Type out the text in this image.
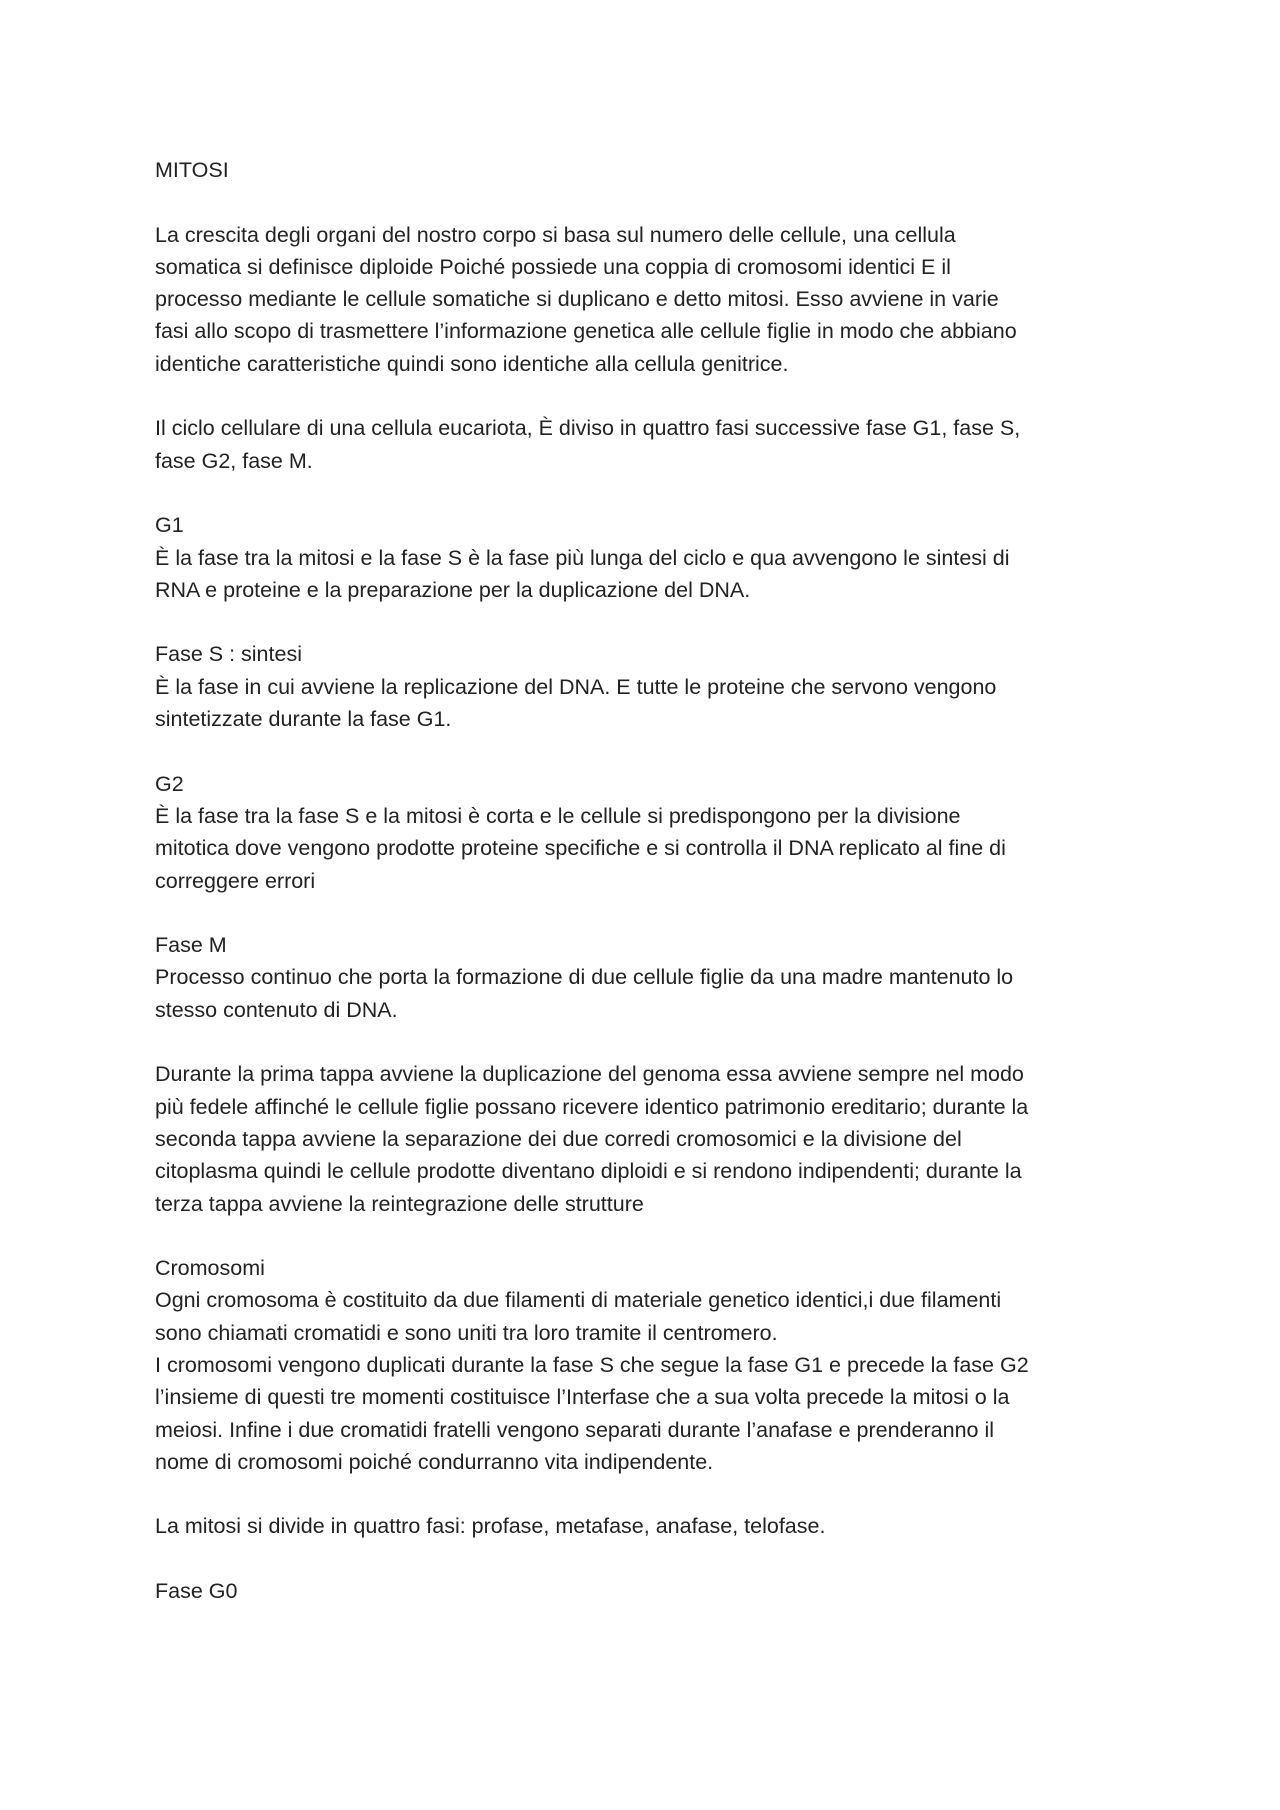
MITOSI

La crescita degli organi del nostro corpo si basa sul numero delle cellule, una cellula

somatica si definisce diploide Poiché possiede una coppia di cromosomi identici E il

processo mediante le cellule somatiche si duplicano e detto mitosi. Esso avviene in varie

fasi allo scopo di trasmettere l’informazione genetica alle cellule figlie in modo che abbiano

identiche caratteristiche quindi sono identiche alla cellula genitrice.

Il ciclo cellulare di una cellula eucariota, È diviso in quattro fasi successive fase G1, fase S,

fase G2, fase M.

G1

È la fase tra la mitosi e la fase S è la fase più lunga del ciclo e qua avvengono le sintesi di

RNA e proteine e la preparazione per la duplicazione del DNA.

Fase S : sintesi

È la fase in cui avviene la replicazione del DNA. E tutte le proteine che servono vengono

sintetizzate durante la fase G1.

G2

È la fase tra la fase S e la mitosi è corta e le cellule si predispongono per la divisione

mitotica dove vengono prodotte proteine specifiche e si controlla il DNA replicato al fine di

correggere errori

Fase M

Processo continuo che porta la formazione di due cellule figlie da una madre mantenuto lo

stesso contenuto di DNA.

Durante la prima tappa avviene la duplicazione del genoma essa avviene sempre nel modo

più fedele affinché le cellule figlie possano ricevere identico patrimonio ereditario; durante la

seconda tappa avviene la separazione dei due corredi cromosomici e la divisione del

citoplasma quindi le cellule prodotte diventano diploidi e si rendono indipendenti; durante la

terza tappa avviene la reintegrazione delle strutture

Cromosomi

Ogni cromosoma è costituito da due filamenti di materiale genetico identici,i due filamenti

sono chiamati cromatidi e sono uniti tra loro tramite il centromero.

I cromosomi vengono duplicati durante la fase S che segue la fase G1 e precede la fase G2

l’insieme di questi tre momenti costituisce l’Interfase che a sua volta precede la mitosi o la

meiosi. Infine i due cromatidi fratelli vengono separati durante l’anafase e prenderanno il

nome di cromosomi poiché condurranno vita indipendente.

La mitosi si divide in quattro fasi: profase, metafase, anafase, telofase.

Fase G0
